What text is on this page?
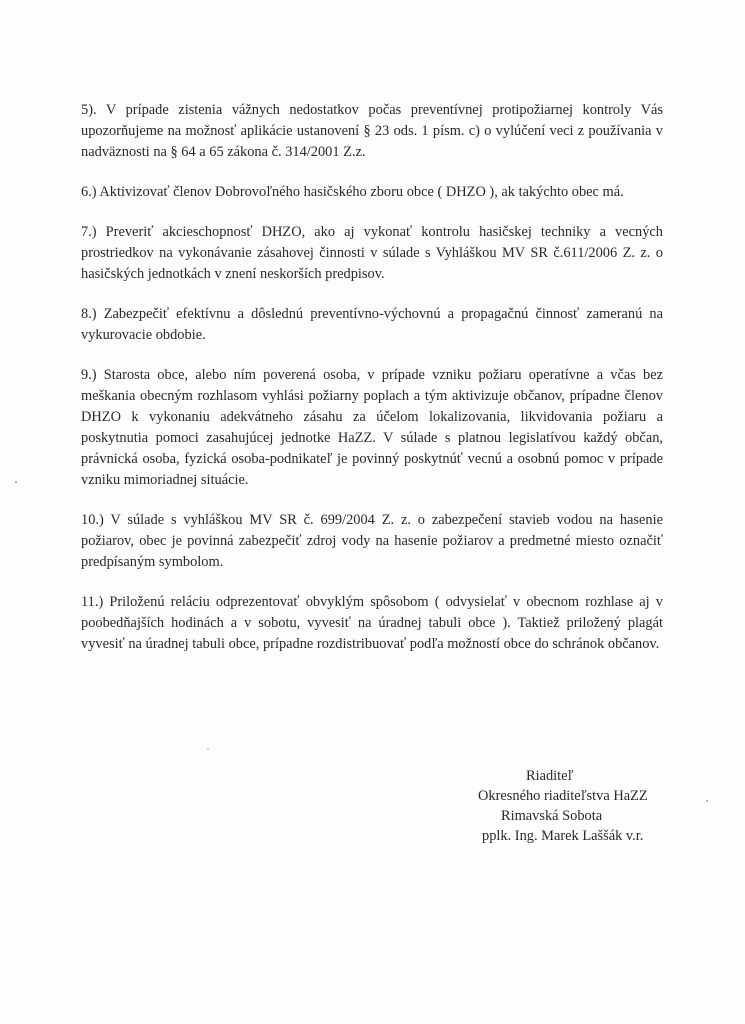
5). V prípade zistenia vážnych nedostatkov počas preventívnej protipožiarnej kontroly Vás upozorňujeme na možnosť aplikácie ustanovení § 23 ods. 1 písm. c) o vylúčení veci z používania v nadväznosti na § 64 a 65 zákona č. 314/2001 Z.z.

6.) Aktivizovať členov Dobrovoľného hasičského zboru obce ( DHZO ), ak takýchto obec má.

7.) Preveriť akcieschopnosť DHZO, ako aj vykonať kontrolu hasičskej techniky a vecných prostriedkov na vykonávanie zásahovej činnosti v súlade s Vyhláškou MV SR č.611/2006 Z. z. o hasičských jednotkách v znení neskorších predpisov.

8.) Zabezpečiť efektívnu a dôslednú preventívno-výchovnú a propagačnú činnosť zameranú na vykurovacie obdobie.

9.) Starosta obce, alebo ním poverená osoba, v prípade vzniku požiaru operatívne a včas bez meškania obecným rozhlasom vyhlási požiarny poplach a tým aktivizuje občanov, prípadne členov DHZO k vykonaniu adekvátneho zásahu za účelom lokalizovania, likvidovania požiaru a poskytnutia pomoci zasahujúcej jednotke HaZZ. V súlade s platnou legislatívou každý občan, právnická osoba, fyzická osoba-podnikateľ je povinný poskytnúť vecnú a osobnú pomoc v prípade vzniku mimoriadnej situácie.

10.) V súlade s vyhláškou MV SR č. 699/2004 Z. z. o zabezpečení stavieb vodou na hasenie požiarov, obec je povinná zabezpečiť zdroj vody na hasenie požiarov a predmetné miesto označiť predpísaným symbolom.

11.) Priloženú reláciu odprezentovať obvyklým spôsobom ( odvysielať v obecnom rozhlase aj v poobedňajších hodinách a v sobotu, vyvesiť na úradnej tabuli obce ). Taktiež priložený plagát vyvesiť na úradnej tabuli obce, prípadne rozdistribuovať podľa možností obce do schránok občanov.

Riaditeľ
Okresného riaditeľstva HaZZ
Rimavská Sobota
pplk. Ing. Marek Laššák v.r.
